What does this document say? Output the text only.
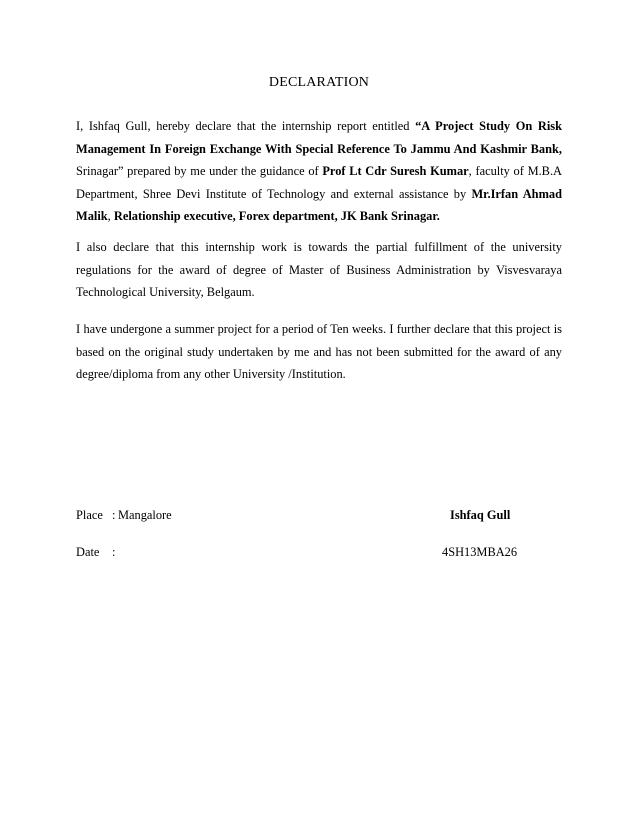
DECLARATION
I, Ishfaq Gull, hereby declare that the internship report entitled “A Project Study On Risk Management In Foreign Exchange With Special Reference To Jammu And Kashmir Bank, Srinagar” prepared by me under the guidance of Prof Lt Cdr Suresh Kumar, faculty of M.B.A Department, Shree Devi Institute of Technology and external assistance by Mr.Irfan Ahmad Malik, Relationship executive, Forex department, JK Bank Srinagar.
I also declare that this internship work is towards the partial fulfillment of the university regulations for the award of degree of Master of Business Administration by Visvesvaraya Technological University, Belgaum.
I have undergone a summer project for a period of Ten weeks. I further declare that this project is based on the original study undertaken by me and has not been submitted for the award of any degree/diploma from any other University /Institution.
Place : Mangalore	Ishfaq Gull
Date :	4SH13MBA26
